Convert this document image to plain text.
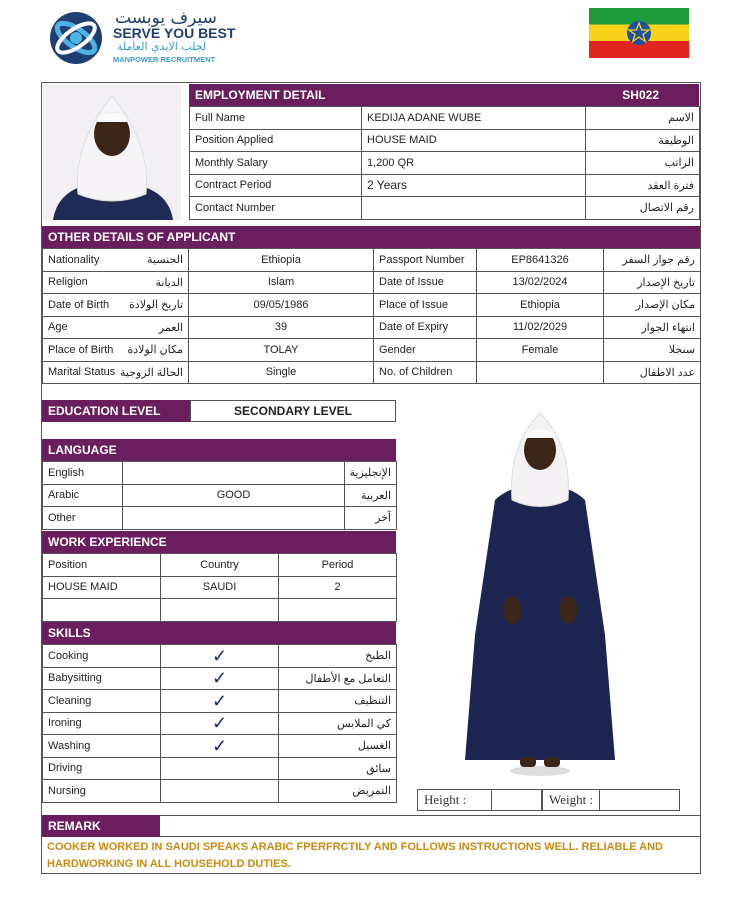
سيرف يوبست
SERVE YOU BEST
لجلب الايدي العاملة
MANPOWER RECRUITMENT
EMPLOYMENT DETAIL	SH022
Full Name	KEDIJA ADANE WUBE	الاسم
Position Applied	HOUSE MAID	الوظيفة
Monthly Salary	1,200 QR	الراتب
Contract Period	2 Years	فترة العقد
Contact Number		رقم الاتصال
OTHER DETAILS OF APPLICANT
Nationality الجنسية	Ethiopia	Passport Number	EP8641326	رقم جواز السفر

Religion الديانة	Islam	Date of Issue	13/02/2024	تاريخ الإصدار

Date of Birth تاريخ الولادة	09/05/1986	Place of Issue	Ethiopia	مكان الإصدار

Age العمر	39	Date of Expiry	11/02/2029	انتهاء الجواز

Place of Birth مكان الولادة	TOLAY	Gender	Female	سنجلا

Marital Status الحالة الزوجية	Single	No. of Children		عدد الاطفال
EDUCATION LEVEL	SECONDARY LEVEL
LANGUAGE
English		الإنجليزية
Arabic	GOOD	العربية
Other		آخر
WORK EXPERIENCE
Position	Country	Period
HOUSE MAID	SAUDI	2

SKILLS
Cooking	✓	الطبخ
Babysitting	✓	التعامل مع الأطفال
Cleaning	✓	التنظيف
Ironing	✓	كي الملابس
Washing	✓	الغسيل
Driving		سائق
Nursing		التمريض
Height :	Weight :
REMARK
COOKER WORKED IN SAUDI SPEAKS ARABIC FPERFRCTILY AND FOLLOWS INSTRUCTIONS WELL. RELIABLE AND HARDWORKING IN ALL HOUSEHOLD DUTIES.
